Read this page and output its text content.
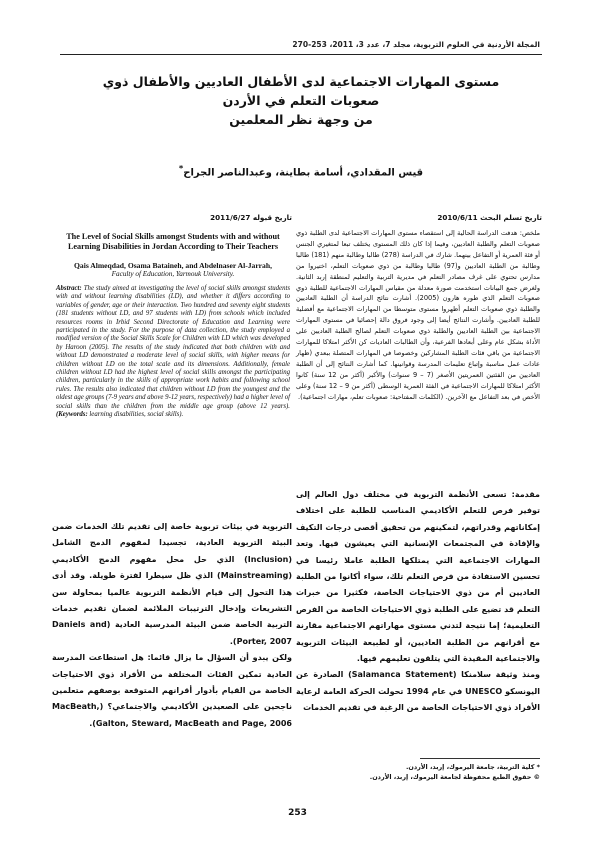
المجلة الأردنية في العلوم التربوية، مجلد 7، عدد 3، 2011، 253-270
مستوى المهارات الاجتماعية لدى الأطفال العاديين والأطفال ذوي
صعوبات التعلم في الأردن
من وجهة نظر المعلمين
قيس المقدادي، أسامة بطاينة، وعبدالناصر الجراح*
تاريخ تسلم البحث 2010/6/11
تاريخ قبوله 2011/6/27
ملخص: هدفت الدراسة الحالية إلى استقصاء مستوى المهارات الاجتماعية لدى الطلبة ذوي صعوبات التعلم والطلبة العاديين، وفيما إذا كان ذلك المستوى يختلف تبعا لمتغيري الجنس أو فئة العمرية أو التفاعل بينهما. شارك في الدراسة (278) طالبا وطالبة منهم (181) طالبا وطالبة من الطلبة العاديين و(97) طالبا وطالبة من ذوي صعوبات التعلم، اختيروا من مدارس تحتوي على غرف مصادر التعلم في مديرية التربية والتعليم لمنطقة إربد الثانية. ولغرض جمع البيانات استخدمت صورة معدلة من مقياس المهارات الاجتماعية للطلبة ذوي صعوبات التعلم الذي طوره هارون (2005). أشارت نتائج الدراسة أن الطلبة العاديين والطلبة ذوي صعوبات التعلم أظهروا مستوى متوسطا من المهارات الاجتماعية مع أفضلية للطلبة العاديين. وأشارت النتائج أيضا إلى وجود فروق دالة إحصائيا في مستوى المهارات الاجتماعية بين الطلبة العاديين والطلبة ذوي صعوبات التعلم لصالح الطلبة العاديين على الأداة بشكل عام وعلى أبعادها الفرعية، وأن الطالبات العاديات كن الأكثر امتلاكا للمهارات الاجتماعية من باقي فئات الطلبة المشاركين وخصوصا في المهارات المتصلة ببعدي (ظهار عادات عمل مناسبة وإتباع تعليمات المدرسة وقوانينها. كما أشارت النتائج إلى أن الطلبة العاديين من الفئتين العمريتين الأصغر (7 – 9 سنوات) والأكبر (أكثر من 12 سنة) كانوا الأكثر امتلاكا للمهارات الاجتماعية في الفئة العمرية الوسطى (أكثر من 9 – 12 سنة) وعلى الأخص في بعد التفاعل مع الآخرين. (الكلمات المفتاحية: صعوبات تعلم، مهارات اجتماعية).
The Level of Social Skills amongst Students with and without Learning Disabilities in Jordan According to Their Teachers
Qais Almeqdad, Osama Bataineh, and Abdelnaser Al-Jarrah,
Faculty of Education, Yarmouk University.
Abstract: The study aimed at investigating the level of social skills amongst students with and without learning disabilities (LD), and whether it differs according to variables of gender, age or their interaction. Two hundred and seventy eight students (181 students without LD, and 97 students with LD) from schools which included resources rooms in Irbid Second Directorate of Education and Learning were participated in the study. For the purpose of data collection, the study employed a modified version of the Social Skills Scale for Children with LD which was developed by Haroon (2005). The results of the study indicated that both children with and without LD demonstrated a moderate level of social skills, with higher means for children without LD on the total scale and its dimensions. Additionally, female children without LD had the highest level of social skills amongst the participating children, particularly in the skills of appropriate work habits and following school rules. The results also indicated that children without LD from the youngest and the oldest age groups (7-9 years and above 9-12 years, respectively) had a higher level of social skills than the children from the middle age group (above 12 years). (Keywords: learning disabilities, social skills).

مقدمة: تسعى الأنظمة التربوية في مختلف دول العالم إلى توفير فرص للتعلم الأكاديمي المناسب للطلبة على اختلاف إمكاناتهم وقدراتهم، لتمكينهم من تحقيق أقصى درجات التكيف والإفادة في المجتمعات الإنسانية التي يعيشون فيها. وتعد المهارات الاجتماعية التي يمتلكها الطلبة عاملا رئيسا في تحسين الاستفادة من فرص التعلم تلك، سواء أكانوا من الطلبة العاديين أم من ذوي الاحتياجات الخاصة، فكثيرا من خبرات التعلم قد تضيع على الطلبة ذوي الاحتياجات الخاصة من الفرص التعليمية؛ إما نتيجة لتدني مستوى مهاراتهم الاجتماعية مقارنة مع أقرانهم من الطلبة العاديين، أو لطبيعة البيئات التربوية والاجتماعية المقيدة التي يتلقون تعليمهم فيها.

ومنذ وثيقة سلامنكا (Salamanca Statement) الصادرة عن اليونسكو UNESCO في عام 1994 تحولت الحركة العامة لرعاية الأفراد ذوي الاحتياجات الخاصة من الرغبة في تقديم الخدمات

التربوية في بيئات تربوية خاصة إلى تقديم تلك الخدمات ضمن البيئة التربوية العادية، تجسيدا لمفهوم الدمج الشامل (Inclusion) الذي حل محل مفهوم الدمج الأكاديمي (Mainstreaming) الذي ظل سيطرا لفترة طويلة. وقد أدى هذا التحول إلى قيام الأنظمة التربوية عالميا بمحاولة سن التشريعات وإدخال الترتيبات الملائمة لضمان تقديم خدمات التربية الخاصة ضمن البيئة المدرسية العادية (Daniels and Porter, 2007).

ولكن يبدو أن السؤال ما يزال قائما: هل استطاعت المدرسة العادية تمكين الفئات المختلفة من الأفراد ذوي الاحتياجات الخاصة من القيام بأدوار أقرانهم المتوقعة بوصفهم متعلمين ناجحين على الصعيدين الأكاديمي والاجتماعي؟ (MacBeath, Galton, Steward, MacBeath and Page, 2006).

* كلية التربية، جامعة اليرموك، إربد، الأردن.
© حقوق الطبع محفوظة لجامعة اليرموك، إربد، الأردن.
253
